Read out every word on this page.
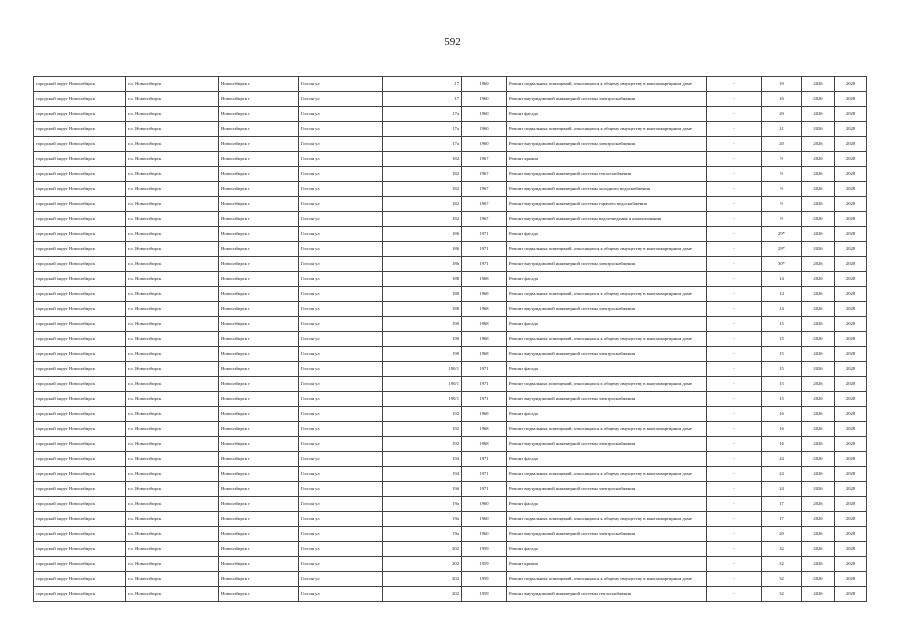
592
городской округ Новосибирск	г.о. Новосибирск	Новосибирск г	Гоголя ул	17	1960	Ремонт подвальных помещений, относящихся к общему имуществу в многоквартирном доме	-	19	2026	2028
городской округ Новосибирск	г.о. Новосибирск	Новосибирск г	Гоголя ул	17	1960	Ремонт внутридомовой инженерной системы электроснабжения	-	16	2026	2028
городской округ Новосибирск	г.о. Новосибирск	Новосибирск г	Гоголя ул	17а	1960	Ремонт фасада	-	20	2026	2028
городской округ Новосибирск	г.о. Новосибирск	Новосибирск г	Гоголя ул	17а	1960	Ремонт подвальных помещений, относящихся к общему имуществу в многоквартирном доме	-	21	2026	2028
городской округ Новосибирск	г.о. Новосибирск	Новосибирск г	Гоголя ул	17а	1960	Ремонт внутридомовой инженерной системы электроснабжения	-	20	2026	2028
городской округ Новосибирск	г.о. Новосибирск	Новосибирск г	Гоголя ул	182	1967	Ремонт крыши	-	9	2026	2028
городской округ Новосибирск	г.о. Новосибирск	Новосибирск г	Гоголя ул	182	1967	Ремонт внутридомовой инженерной системы теплоснабжения	-	9	2026	2028
городской округ Новосибирск	г.о. Новосибирск	Новосибирск г	Гоголя ул	182	1967	Ремонт внутридомовой инженерной системы холодного водоснабжения	-	9	2026	2028
городской округ Новосибирск	г.о. Новосибирск	Новосибирск г	Гоголя ул	182	1967	Ремонт внутридомовой инженерной системы горячего водоснабжения	-	9	2026	2028
городской округ Новосибирск	г.о. Новосибирск	Новосибирск г	Гоголя ул	182	1967	Ремонт внутридомовой инженерной системы водоотведения и канализования	-	9	2026	2028
городской округ Новосибирск	г.о. Новосибирск	Новосибирск г	Гоголя ул	186	1971	Ремонт фасада	-	29*	2026	2028
городской округ Новосибирск	г.о. Новосибирск	Новосибирск г	Гоголя ул	186	1971	Ремонт подвальных помещений, относящихся к общему имуществу в многоквартирном доме	-	29*	2026	2028
городской округ Новосибирск	г.о. Новосибирск	Новосибирск г	Гоголя ул	186	1971	Ремонт внутридомовой инженерной системы электроснабжения	-	30*	2026	2028
городской округ Новосибирск	г.о. Новосибирск	Новосибирск г	Гоголя ул	188	1968	Ремонт фасада	-	14	2026	2028
городской округ Новосибирск	г.о. Новосибирск	Новосибирск г	Гоголя ул	188	1968	Ремонт подвальных помещений, относящихся к общему имуществу в многоквартирном доме	-	14	2026	2028
городской округ Новосибирск	г.о. Новосибирск	Новосибирск г	Гоголя ул	188	1968	Ремонт внутридомовой инженерной системы электроснабжения	-	14	2026	2028
городской округ Новосибирск	г.о. Новосибирск	Новосибирск г	Гоголя ул	190	1968	Ремонт фасада	-	15	2026	2028
городской округ Новосибирск	г.о. Новосибирск	Новосибирск г	Гоголя ул	190	1968	Ремонт подвальных помещений, относящихся к общему имуществу в многоквартирном доме	-	15	2026	2028
городской округ Новосибирск	г.о. Новосибирск	Новосибирск г	Гоголя ул	190	1968	Ремонт внутридомовой инженерной системы электроснабжения	-	15	2026	2028
городской округ Новосибирск	г.о. Новосибирск	Новосибирск г	Гоголя ул	190/1	1971	Ремонт фасада	-	15	2026	2028
городской округ Новосибирск	г.о. Новосибирск	Новосибирск г	Гоголя ул	190/1	1971	Ремонт подвальных помещений, относящихся к общему имуществу в многоквартирном доме	-	15	2026	2028
городской округ Новосибирск	г.о. Новосибирск	Новосибирск г	Гоголя ул	190/1	1971	Ремонт внутридомовой инженерной системы электроснабжения	-	15	2026	2028
городской округ Новосибирск	г.о. Новосибирск	Новосибирск г	Гоголя ул	192	1968	Ремонт фасада	-	16	2026	2028
городской округ Новосибирск	г.о. Новосибирск	Новосибирск г	Гоголя ул	192	1968	Ремонт подвальных помещений, относящихся к общему имуществу в многоквартирном доме	-	16	2026	2028
городской округ Новосибирск	г.о. Новосибирск	Новосибирск г	Гоголя ул	192	1968	Ремонт внутридомовой инженерной системы электроснабжения	-	16	2026	2028
городской округ Новосибирск	г.о. Новосибирск	Новосибирск г	Гоголя ул	194	1971	Ремонт фасада	-	24	2026	2028
городской округ Новосибирск	г.о. Новосибирск	Новосибирск г	Гоголя ул	194	1971	Ремонт подвальных помещений, относящихся к общему имуществу в многоквартирном доме	-	24	2026	2028
городской округ Новосибирск	г.о. Новосибирск	Новосибирск г	Гоголя ул	19#	1971	Ремонт внутридомовой инженерной системы электроснабжения	-	24	2026	2028
городской округ Новосибирск	г.о. Новосибирск	Новосибирск г	Гоголя ул	19а	1960	Ремонт фасада	-	17	2026	2028
городской округ Новосибирск	г.о. Новосибирск	Новосибирск г	Гоголя ул	19а	1960	Ремонт подвальных помещений, относящихся к общему имуществу в многоквартирном доме	-	17	2026	2028
городской округ Новосибирск	г.о. Новосибирск	Новосибирск г	Гоголя ул	19а	1960	Ремонт внутридомовой инженерной системы электроснабжения	-	20	2026	2028
городской округ Новосибирск	г.о. Новосибирск	Новосибирск г	Гоголя ул	202	1959	Ремонт фасада	-	32	2026	2028
городской округ Новосибирск	г.о. Новосибирск	Новосибирск г	Гоголя ул	202	1959	Ремонт крыши	-	32	2026	2028
городской округ Новосибирск	г.о. Новосибирск	Новосибирск г	Гоголя ул	202	1959	Ремонт подвальных помещений, относящихся к общему имуществу в многоквартирном доме	-	32	2026	2028
городской округ Новосибирск	г.о. Новосибирск	Новосибирск г	Гоголя ул	202	1959	Ремонт внутридомовой инженерной системы теплоснабжения	-	32	2026	2028
